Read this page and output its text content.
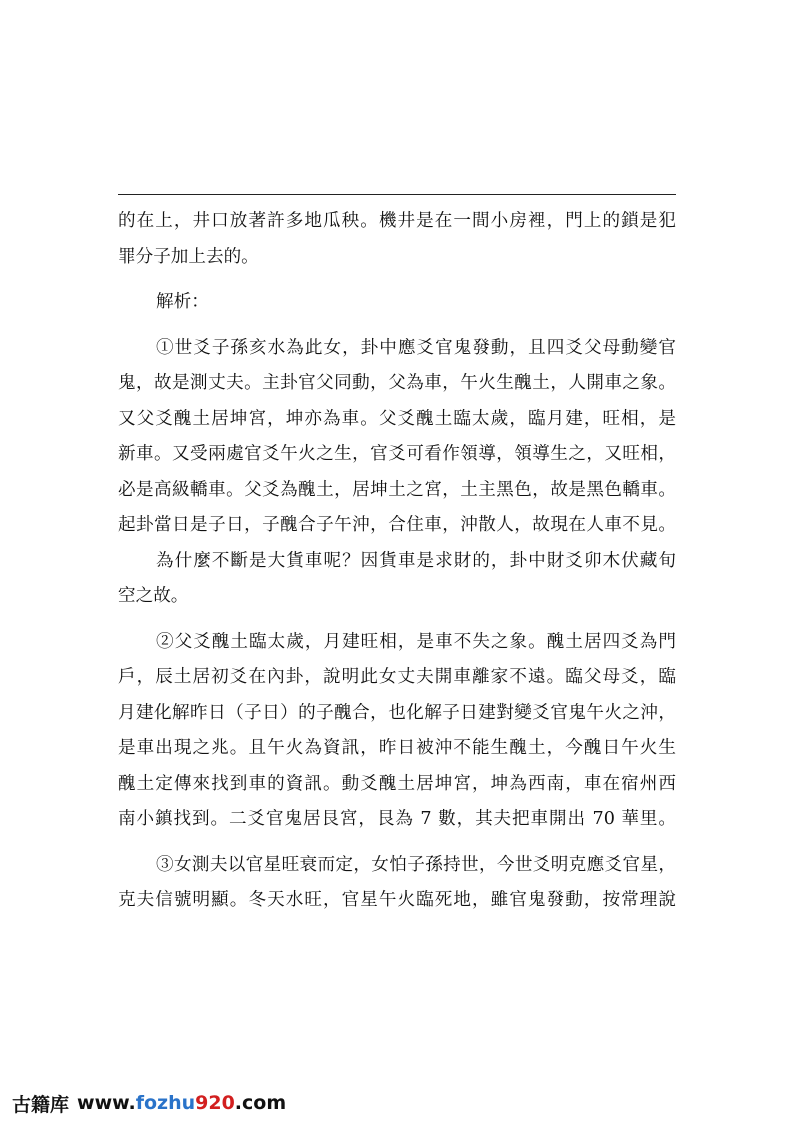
的在上，井口放著許多地瓜秧。機井是在一間小房裡，門上的鎖是犯
罪分子加上去的。
解析：
①世爻子孫亥水為此女，卦中應爻官鬼發動，且四爻父母動變官
鬼，故是測丈夫。主卦官父同動，父為車，午火生醜土，人開車之象。
又父爻醜土居坤宮，坤亦為車。父爻醜土臨太歲，臨月建，旺相，是
新車。又受兩處官爻午火之生，官爻可看作領導，領導生之，又旺相，
必是高級轎車。父爻為醜土，居坤土之宮，土主黑色，故是黑色轎車。
起卦當日是子日，子醜合子午沖，合住車，沖散人，故現在人車不見。
為什麼不斷是大貨車呢？因貨車是求財的，卦中財爻卯木伏藏旬
空之故。
②父爻醜土臨太歲，月建旺相，是車不失之象。醜土居四爻為門
戶，辰土居初爻在內卦，說明此女丈夫開車離家不遠。臨父母爻，臨
月建化解昨日（子日）的子醜合，也化解子日建對變爻官鬼午火之沖，
是車出現之兆。且午火為資訊，昨日被沖不能生醜土，今醜日午火生
醜土定傳來找到車的資訊。動爻醜土居坤宮，坤為西南，車在宿州西
南小鎮找到。二爻官鬼居艮宮，艮為 7 數，其夫把車開出 70 華里。
③女測夫以官星旺衰而定，女怕子孫持世，今世爻明克應爻官星，
克夫信號明顯。冬天水旺，官星午火臨死地，雖官鬼發動，按常理說
古籍库 www. fozhu 920 .com
